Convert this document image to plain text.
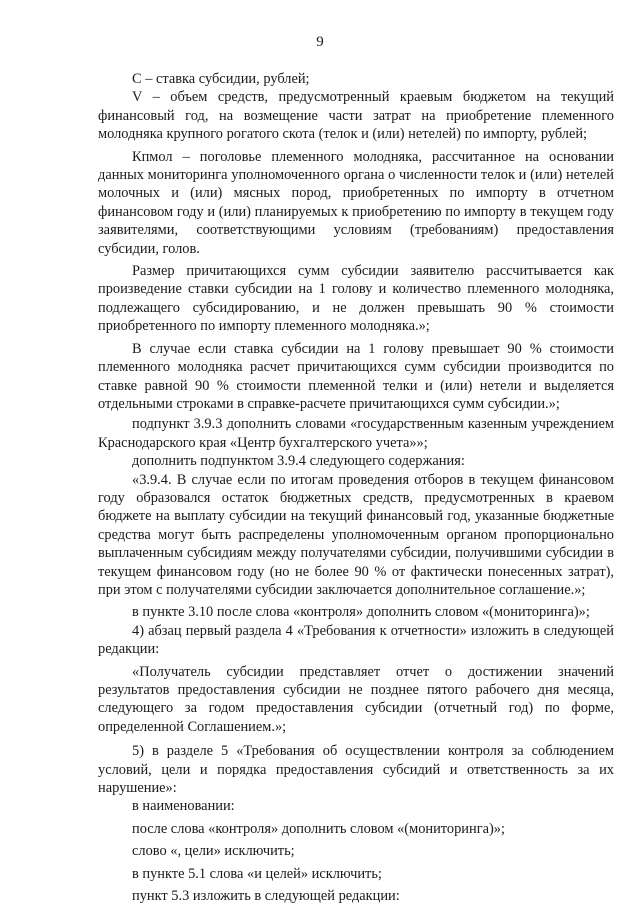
9

С – ставка субсидии, рублей;

V – объем средств, предусмотренный краевым бюджетом на текущий финансовый год, на возмещение части затрат на приобретение племенного молодняка крупного рогатого скота (телок и (или) нетелей) по импорту, рублей;

Кпмол – поголовье племенного молодняка, рассчитанное на основании данных мониторинга уполномоченного органа о численности телок и (или) нетелей молочных и (или) мясных пород, приобретенных по импорту в отчетном финансовом году и (или) планируемых к приобретению по импорту в текущем году заявителями, соответствующими условиям (требованиям) предоставления субсидии, голов.

Размер причитающихся сумм субсидии заявителю рассчитывается как произведение ставки субсидии на 1 голову и количество племенного молодняка, подлежащего субсидированию, и не должен превышать 90 % стоимости приобретенного по импорту племенного молодняка.»;

В случае если ставка субсидии на 1 голову превышает 90 % стоимости племенного молодняка расчет причитающихся сумм субсидии производится по ставке равной 90 % стоимости племенной телки и (или) нетели и выделяется отдельными строками в справке-расчете причитающихся сумм субсидии.»;

подпункт 3.9.3 дополнить словами «государственным казенным учреждением Краснодарского края «Центр бухгалтерского учета»»;

дополнить подпунктом 3.9.4 следующего содержания:

«3.9.4. В случае если по итогам проведения отборов в текущем финансовом году образовался остаток бюджетных средств, предусмотренных в краевом бюджете на выплату субсидии на текущий финансовый год, указанные бюджетные средства могут быть распределены уполномоченным органом пропорционально выплаченным субсидиям между получателями субсидии, получившими субсидии в текущем финансовом году (но не более 90 % от фактически понесенных затрат), при этом с получателями субсидии заключается дополнительное соглашение.»;

в пункте 3.10 после слова «контроля» дополнить словом «(мониторинга)»;

4) абзац первый раздела 4 «Требования к отчетности» изложить в следующей редакции:

«Получатель субсидии представляет отчет о достижении значений результатов предоставления субсидии не позднее пятого рабочего дня месяца, следующего за годом предоставления субсидии (отчетный год) по форме, определенной Соглашением.»;

5) в разделе 5 «Требования об осуществлении контроля за соблюдением условий, цели и порядка предоставления субсидий и ответственность за их нарушение»:

в наименовании:

после слова «контроля» дополнить словом «(мониторинга)»;

слово «, цели» исключить;

в пункте 5.1 слова «и целей» исключить;

пункт 5.3 изложить в следующей редакции:
